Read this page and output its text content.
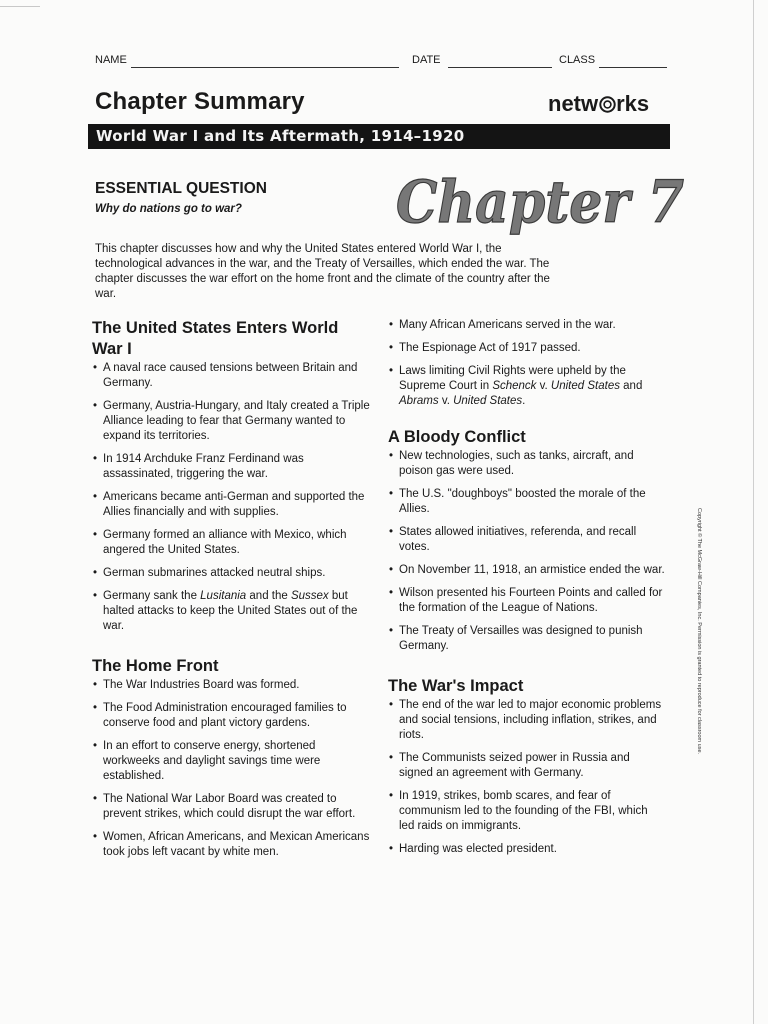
NAME	DATE	CLASS
Chapter Summary	netw rks
World War I and Its Aftermath, 1914–1920
ESSENTIAL QUESTION
Why do nations go to war?	Chapter 7

This chapter discusses how and why the United States entered World War I, the technological advances in the war, and the Treaty of Versailles, which ended the war. The chapter discusses the war effort on the home front and the climate of the country after the war.

The United States Enters World War I
• A naval race caused tensions between Britain and Germany.
• Germany, Austria-Hungary, and Italy created a Triple Alliance leading to fear that Germany wanted to expand its territories.
• In 1914 Archduke Franz Ferdinand was assassinated, triggering the war.
• Americans became anti-German and supported the Allies financially and with supplies.
• Germany formed an alliance with Mexico, which angered the United States.
• German submarines attacked neutral ships.
• Germany sank the Lusitania and the Sussex but halted attacks to keep the United States out of the war.
The Home Front
• The War Industries Board was formed.
• The Food Administration encouraged families to conserve food and plant victory gardens.
• In an effort to conserve energy, shortened workweeks and daylight savings time were established.
• The National War Labor Board was created to prevent strikes, which could disrupt the war effort.
• Women, African Americans, and Mexican Americans took jobs left vacant by white men.
• Many African Americans served in the war.
• The Espionage Act of 1917 passed.
• Laws limiting Civil Rights were upheld by the Supreme Court in Schenck v. United States and Abrams v. United States.
A Bloody Conflict
• New technologies, such as tanks, aircraft, and poison gas were used.
• The U.S. "doughboys" boosted the morale of the Allies.
• States allowed initiatives, referenda, and recall votes.
• On November 11, 1918, an armistice ended the war.
• Wilson presented his Fourteen Points and called for the formation of the League of Nations.
• The Treaty of Versailles was designed to punish Germany.
The War's Impact
• The end of the war led to major economic problems and social tensions, including inflation, strikes, and riots.
• The Communists seized power in Russia and signed an agreement with Germany.
• In 1919, strikes, bomb scares, and fear of communism led to the founding of the FBI, which led raids on immigrants.
• Harding was elected president.
Copyright © The McGraw-Hill Companies, Inc. Permission is granted to reproduce for classroom use.
